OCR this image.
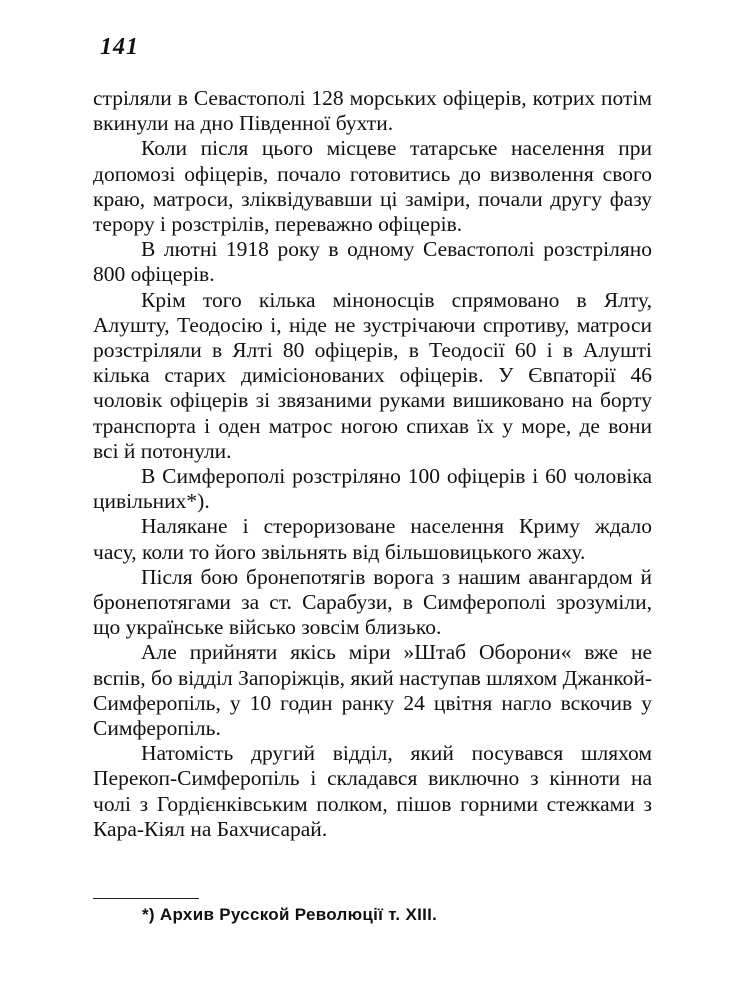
141

стріляли в Севастополі 128 морських офіцерів, котрих потім вкинули на дно Південної бухти.

Коли після цього місцеве татарське населення при допомозі офіцерів, почало готовитись до визволення свого краю, матроси, зліквідувавши ці заміри, почали другу фазу терору і розстрілів, переважно офіцерів.

В лютні 1918 року в одному Севастополі розстріляно 800 офіцерів.

Крім того кілька міноносців спрямовано в Ялту, Алушту, Теодосію і, ніде не зустрічаючи спротиву, матроси розстріляли в Ялті 80 офіцерів, в Теодосії 60 і в Алушті кілька старих димісіонованих офіцерів. У Євпаторії 46 чоловік офіцерів зі звязаними руками вишиковано на борту транспорта і оден матрос ногою спихав їх у море, де вони всі й потонули.

В Симферополі розстріляно 100 офіцерів і 60 чоловіка цивільних*).

Налякане і стероризоване населення Криму ждало часу, коли то його звільнять від більшовицького жаху.

Після бою бронепотягів ворога з нашим авангардом й бронепотягами за ст. Сарабузи, в Симферополі зрозуміли, що українське військо зовсім близько.

Але прийняти якісь міри »Штаб Оборони« вже не вспів, бо відділ Запоріжців, який наступав шляхом Джанкой-Симферопіль, у 10 годин ранку 24 цвітня нагло вскочив у Симферопіль.

Натомість другий відділ, який посувався шляхом Перекоп-Симферопіль і складався виключно з кінноти на чолі з Гордієнківським полком, пішов горними стежками з Кара-Кіял на Бахчисарай.

*) Архив Русской Революції т. XIII.
